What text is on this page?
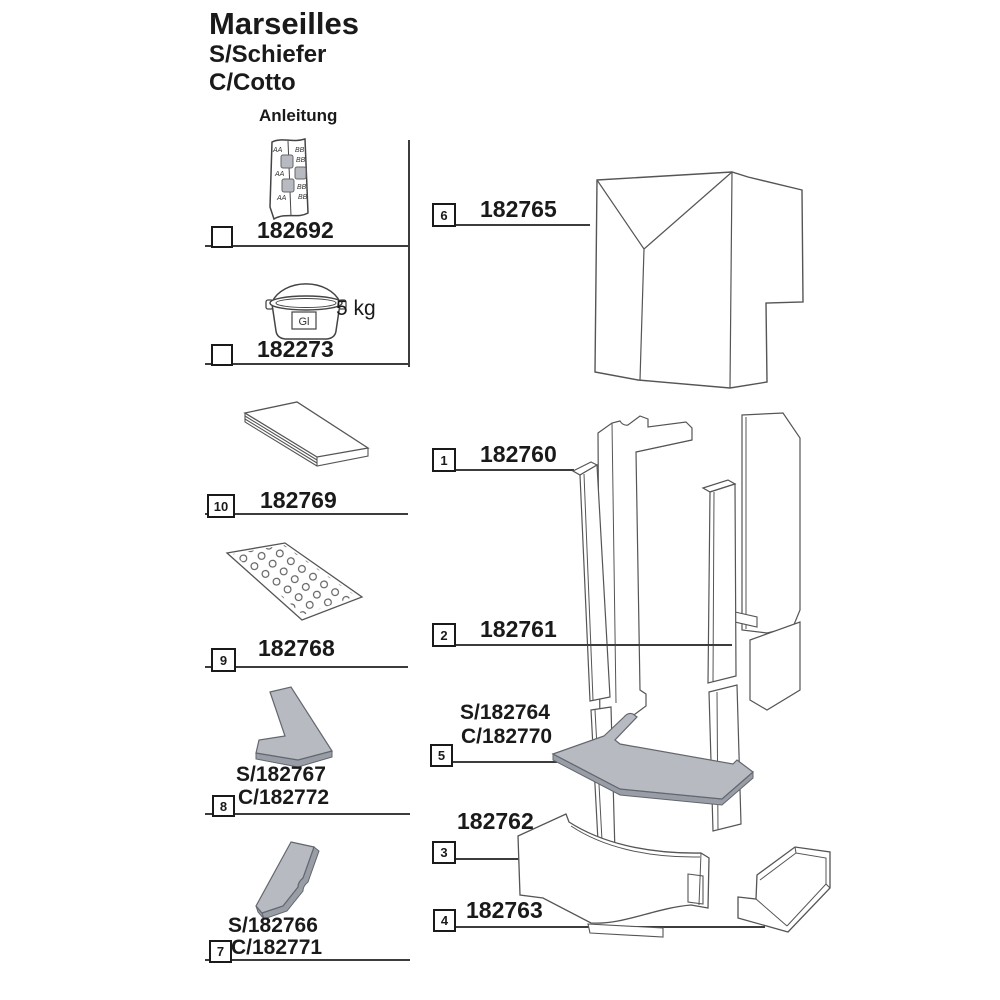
AA
AA
AA
BB
BB
BB
BB
Gl
Marseilles
S/Schiefer
C/Cotto
Anleitung
182692
5 kg
182273
10 182769
9 182768
S/182767
8 C/182772
S/182766
7 C/182771
6 182765
1 182760
2 182761
S/182764
C/182770
5
182762
3
182763
4
